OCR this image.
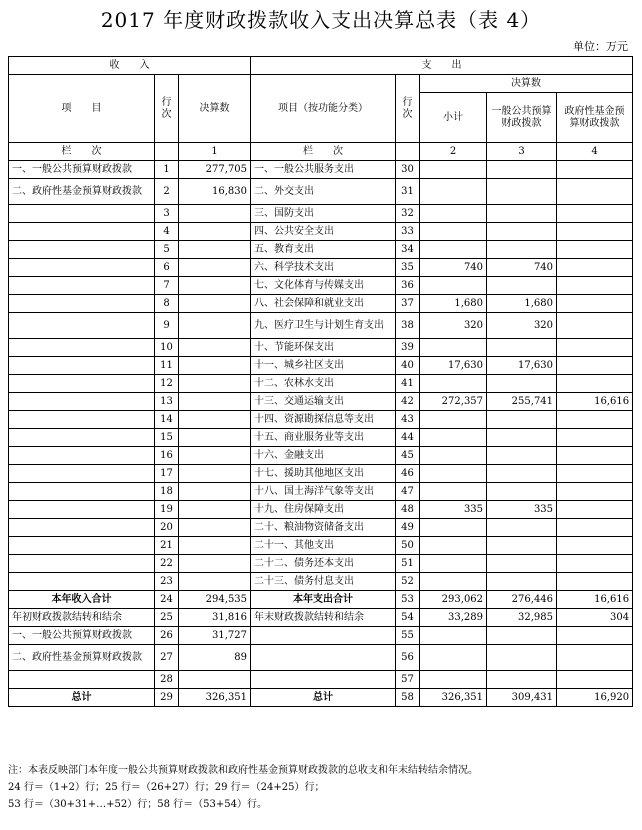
2017 年度财政拨款收入支出决算总表（表 4）
单位：万元
收　　入			支　　出				
项　　目	行次	决算数	项目（按功能分类）	行次	决算数		
					小计	一般公共预算财政拨款	政府性基金预算财政拨款
栏　　次		1	栏　　次		2	3	4
一、一般公共预算财政拨款	1	277,705	一、一般公共服务支出	30			
二、政府性基金预算财政拨款	2	16,830	二、外交支出	31			
	3		三、国防支出	32			
	4		四、公共安全支出	33			
	5		五、教育支出	34			
	6		六、科学技术支出	35	740	740	
	7		七、文化体育与传媒支出	36			
	8		八、社会保障和就业支出	37	1,680	1,680	
	9		九、医疗卫生与计划生育支出	38	320	320	
	10		十、节能环保支出	39			
	11		十一、城乡社区支出	40	17,630	17,630	
	12		十二、农林水支出	41			
	13		十三、交通运输支出	42	272,357	255,741	16,616
	14		十四、资源勘探信息等支出	43			
	15		十五、商业服务业等支出	44			
	16		十六、金融支出	45			
	17		十七、援助其他地区支出	46			
	18		十八、国土海洋气象等支出	47			
	19		十九、住房保障支出	48	335	335	
	20		二十、粮油物资储备支出	49			
	21		二十一、其他支出	50			
	22		二十二、债务还本支出	51			
	23		二十三、债务付息支出	52			
本年收入合计	24	294,535	本年支出合计	53	293,062	276,446	16,616
年初财政拨款结转和结余	25	31,816	年末财政拨款结转和结余	54	33,289	32,985	304
一、一般公共预算财政拨款	26	31,727		55			
二、政府性基金预算财政拨款	27	89		56			
	28			57			
总计	29	326,351	总计	58	326,351	309,431	16,920
注：本表反映部门本年度一般公共预算财政拨款和政府性基金预算财政拨款的总收支和年末结转结余情况。
24 行＝（1+2）行；25 行＝（26+27）行；29 行＝（24+25）行；
53 行＝（30+31+…+52）行；58 行＝（53+54）行。
